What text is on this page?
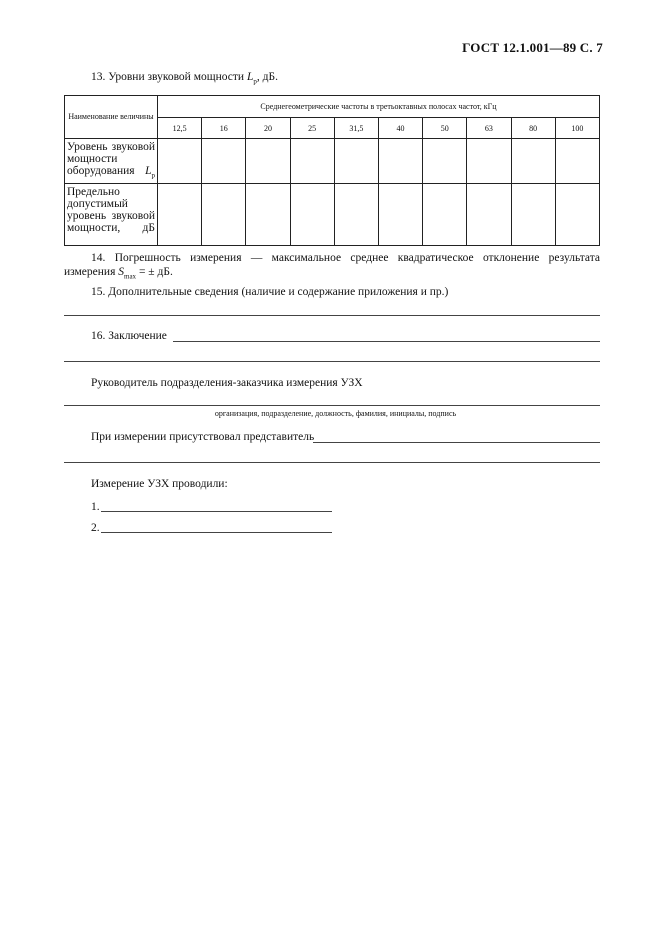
ГОСТ 12.1.001—89 С. 7
13. Уровни звуковой мощности $L_p$, дБ.
Наименование величины	Среднегеометрические частоты в третьоктавных полосах частот, кГц									
	12,5	16	20	25	31,5	40	50	63	80	100
Уровень звуковой мощности оборудования $L_p$										
Предельно допустимый уровень звуковой мощности, дБ										
14. Погрешность измерения — максимальное среднее квадратическое отклонение результата измерения $S_{max}$ = ± дБ.
15. Дополнительные сведения (наличие и содержание приложения и пр.)
16. Заключение
Руководитель подразделения-заказчика измерения УЗХ
организация, подразделение, должность, фамилия, инициалы, подпись
При измерении присутствовал представитель
Измерение УЗХ проводили:
1.
2.
